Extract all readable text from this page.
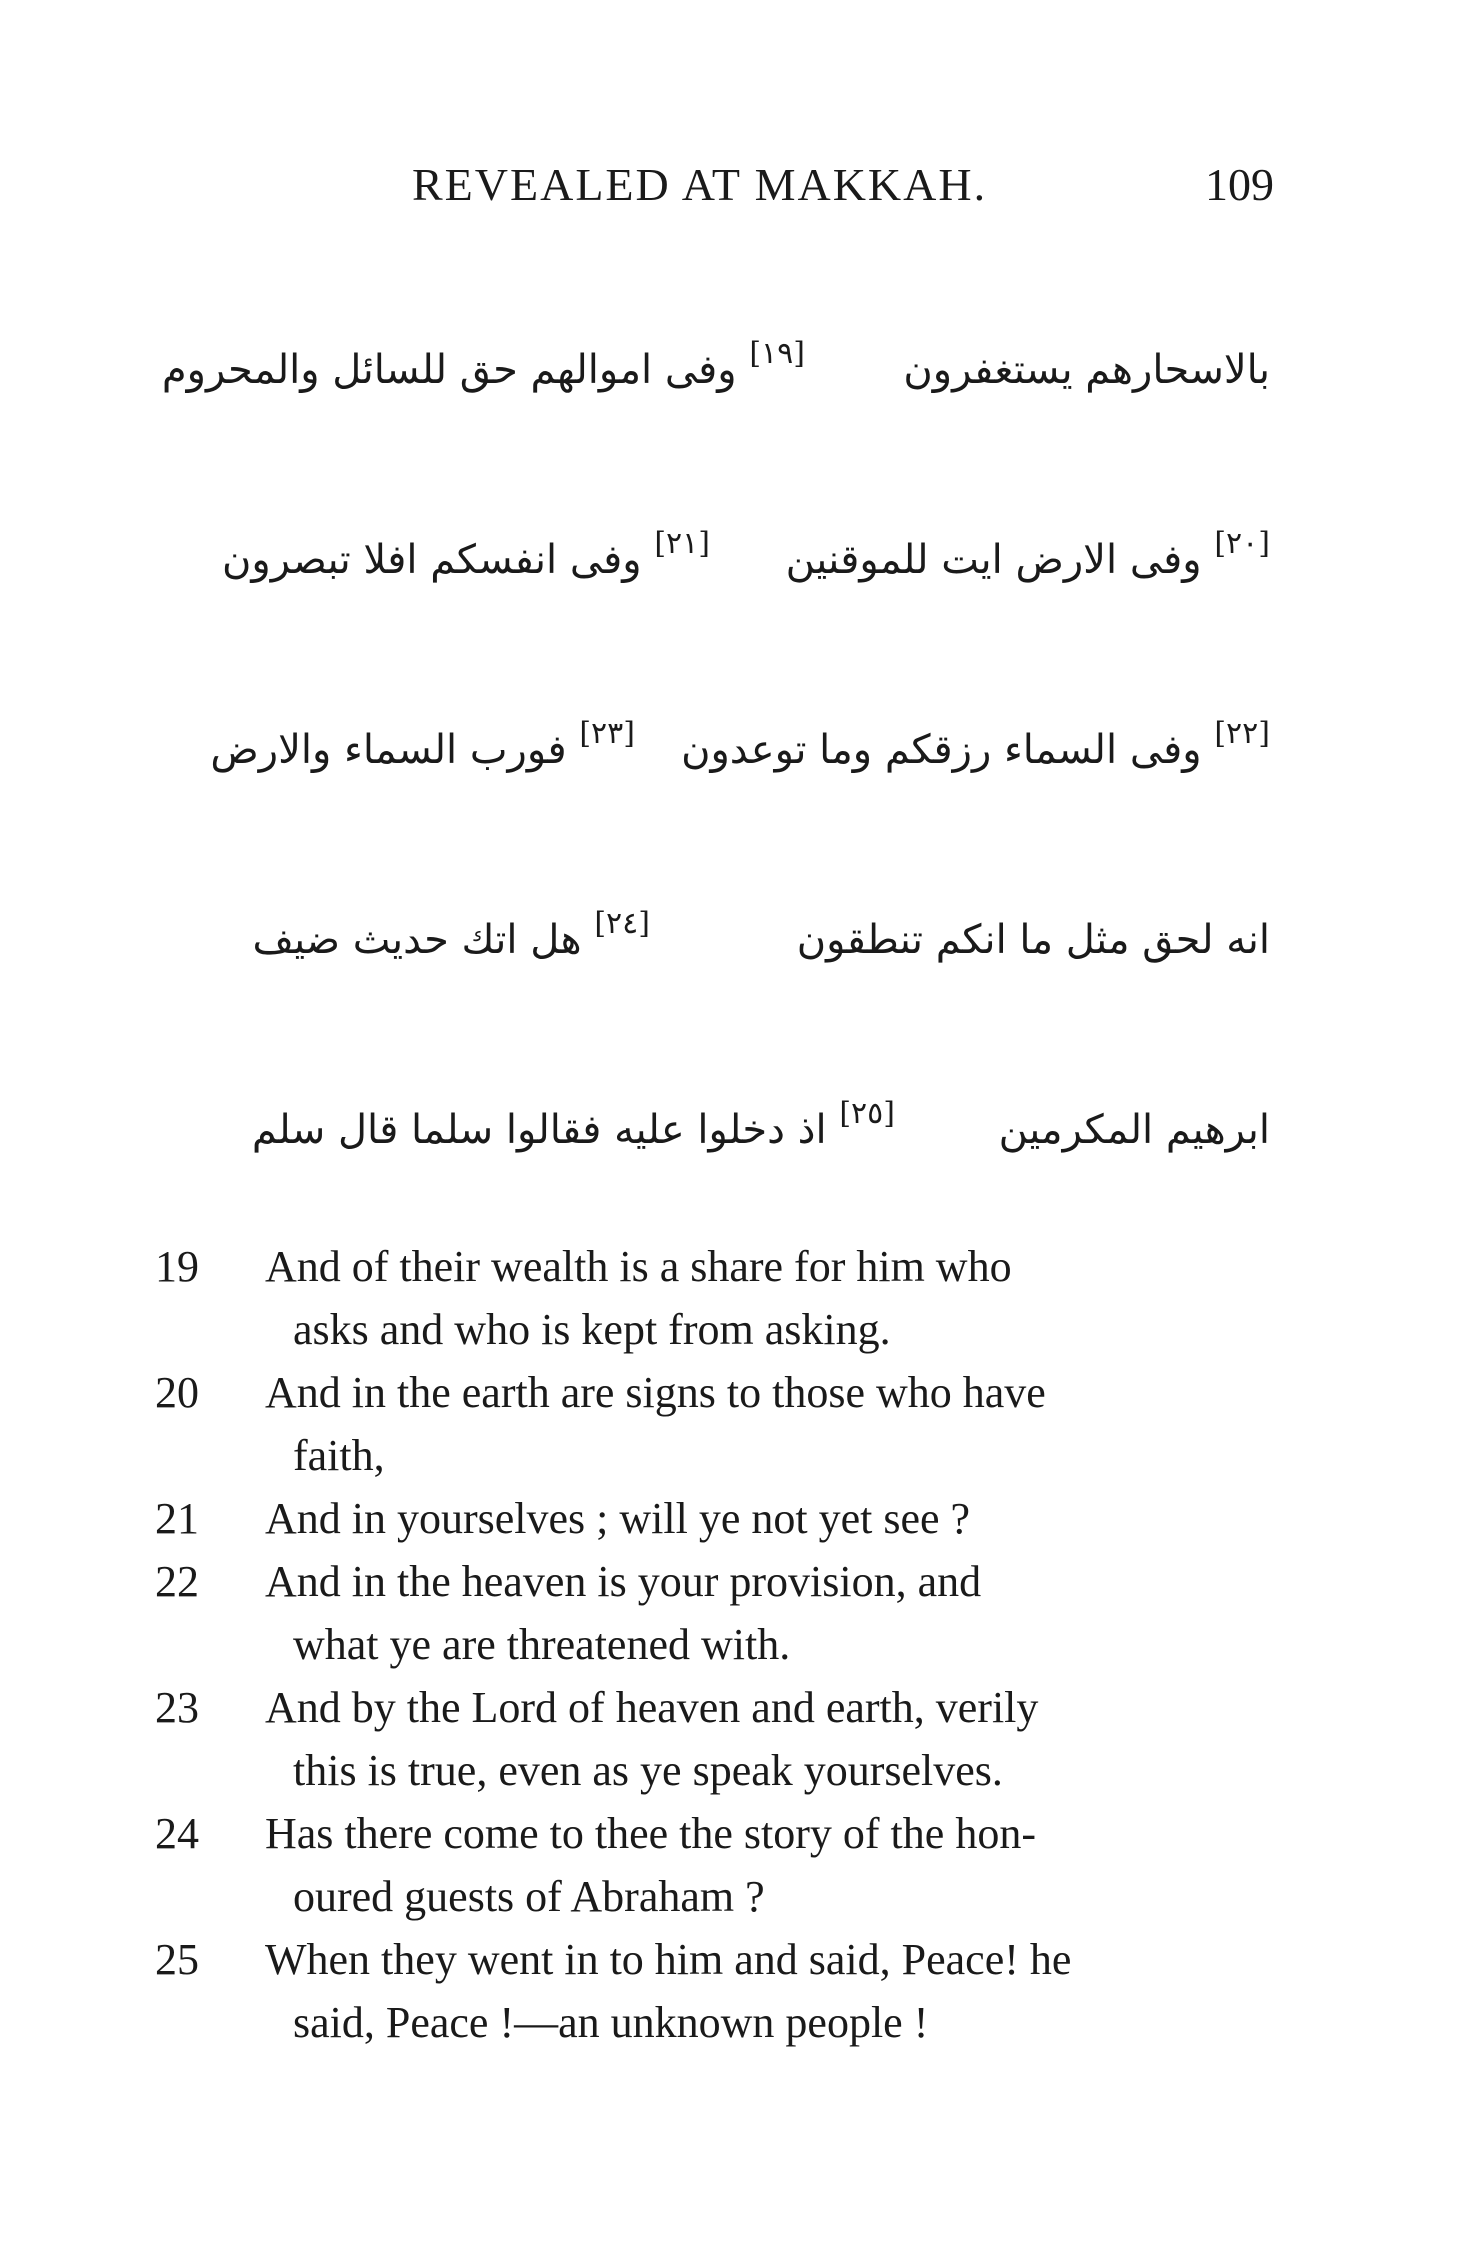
REVEALED AT MAKKAH.	109
بالاسحارهم يستغفرون
[١٩] وفى اموالهم حق للسائل والمحروم
[٢٠] وفى الارض ايت للموقنين
[٢١] وفى انفسكم افلا تبصرون
[٢٢] وفى السماء رزقكم وما توعدون
[٢٣] فورب السماء والارض
انه لحق مثل ما انكم تنطقون
[٢٤] هل اتك حديث ضيف
ابرهيم المكرمين
[٢٥] اذ دخلوا عليه فقالوا سلما قال سلم
19 And of their wealth is a share for him who
asks and who is kept from asking.
20 And in the earth are signs to those who have
faith,
21 And in yourselves ; will ye not yet see ?
22 And in the heaven is your provision, and
what ye are threatened with.
23 And by the Lord of heaven and earth, verily
this is true, even as ye speak yourselves.
24 Has there come to thee the story of the hon-
oured guests of Abraham ?
25 When they went in to him and said, Peace! he
said, Peace !—an unknown people !
